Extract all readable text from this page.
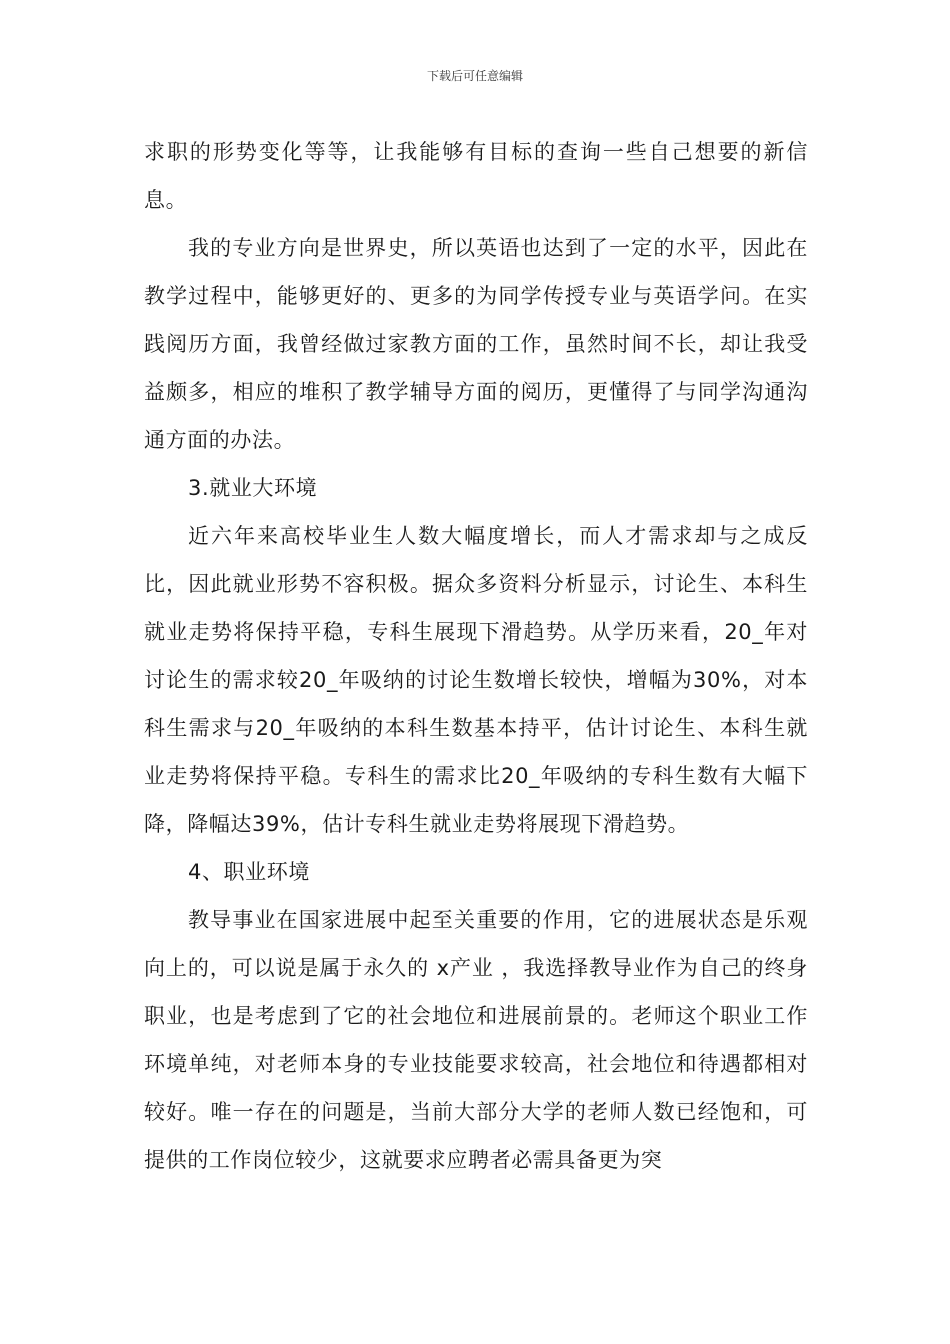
下载后可任意编辑

求职的形势变化等等，让我能够有目标的查询一些自己想要的新信息。

我的专业方向是世界史，所以英语也达到了一定的水平，因此在教学过程中，能够更好的、更多的为同学传授专业与英语学问。在实践阅历方面，我曾经做过家教方面的工作，虽然时间不长，却让我受益颇多，相应的堆积了教学辅导方面的阅历，更懂得了与同学沟通沟通方面的办法。

3.就业大环境

近六年来高校毕业生人数大幅度增长，而人才需求却与之成反比，因此就业形势不容积极。据众多资料分析显示，讨论生、本科生就业走势将保持平稳，专科生展现下滑趋势。从学历来看，20_年对讨论生的需求较20_年吸纳的讨论生数增长较快，增幅为30%，对本科生需求与20_年吸纳的本科生数基本持平，估计讨论生、本科生就业走势将保持平稳。专科生的需求比20_年吸纳的专科生数有大幅下降，降幅达39%，估计专科生就业走势将展现下滑趋势。

4、职业环境

教导事业在国家进展中起至关重要的作用，它的进展状态是乐观向上的，可以说是属于永久的 x产业 ，我选择教导业作为自己的终身职业，也是考虑到了它的社会地位和进展前景的。老师这个职业工作环境单纯，对老师本身的专业技能要求较高，社会地位和待遇都相对较好。唯一存在的问题是，当前大部分大学的老师人数已经饱和，可提供的工作岗位较少，这就要求应聘者必需具备更为突
